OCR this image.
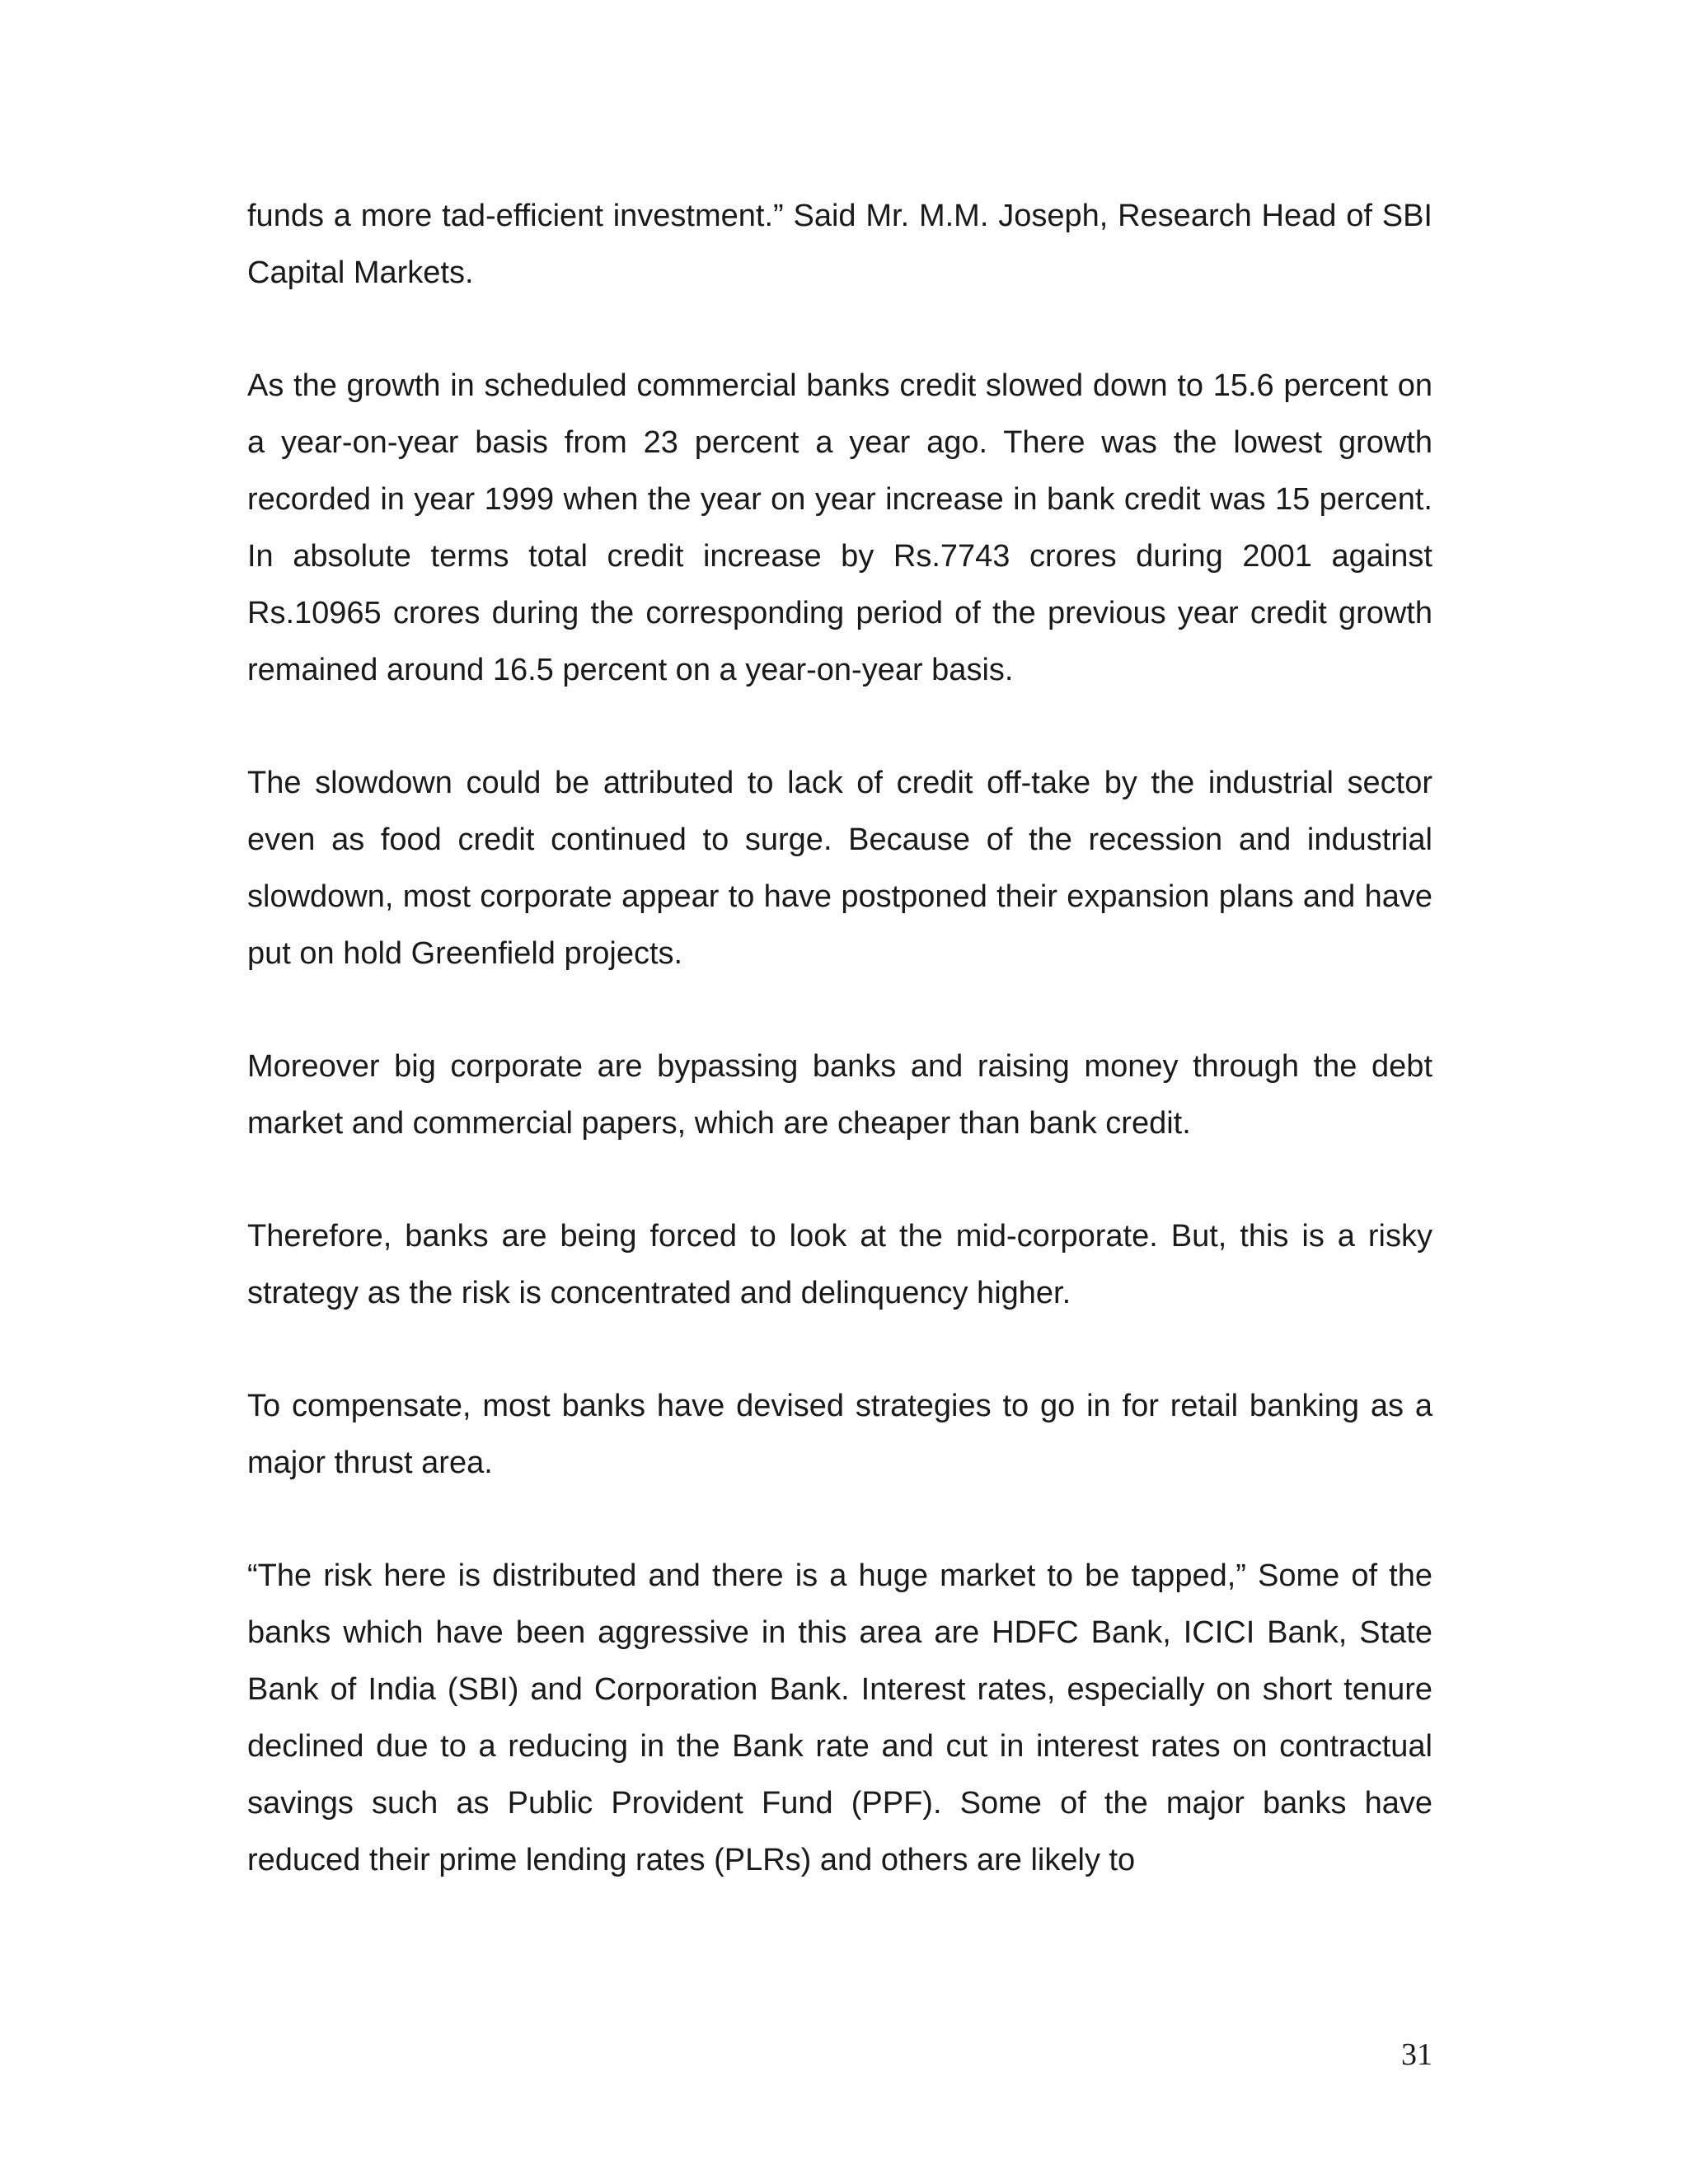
funds a more tad-efficient investment.” Said Mr. M.M. Joseph, Research Head of SBI Capital Markets.

As the growth in scheduled commercial banks credit slowed down to 15.6 percent on a year-on-year basis from 23 percent a year ago. There was the lowest growth recorded in year 1999 when the year on year increase in bank credit was 15 percent. In absolute terms total credit increase by Rs.7743 crores during 2001 against Rs.10965 crores during the corresponding period of the previous year credit growth remained around 16.5 percent on a year-on-year basis.

The slowdown could be attributed to lack of credit off-take by the industrial sector even as food credit continued to surge. Because of the recession and industrial slowdown, most corporate appear to have postponed their expansion plans and have put on hold Greenfield projects.

Moreover big corporate are bypassing banks and raising money through the debt market and commercial papers, which are cheaper than bank credit.

Therefore, banks are being forced to look at the mid-corporate. But, this is a risky strategy as the risk is concentrated and delinquency higher.

To compensate, most banks have devised strategies to go in for retail banking as a major thrust area.

“The risk here is distributed and there is a huge market to be tapped,” Some of the banks which have been aggressive in this area are HDFC Bank, ICICI Bank, State Bank of India (SBI) and Corporation Bank. Interest rates, especially on short tenure declined due to a reducing in the Bank rate and cut in interest rates on contractual savings such as Public Provident Fund (PPF). Some of the major banks have reduced their prime lending rates (PLRs) and others are likely to

31
